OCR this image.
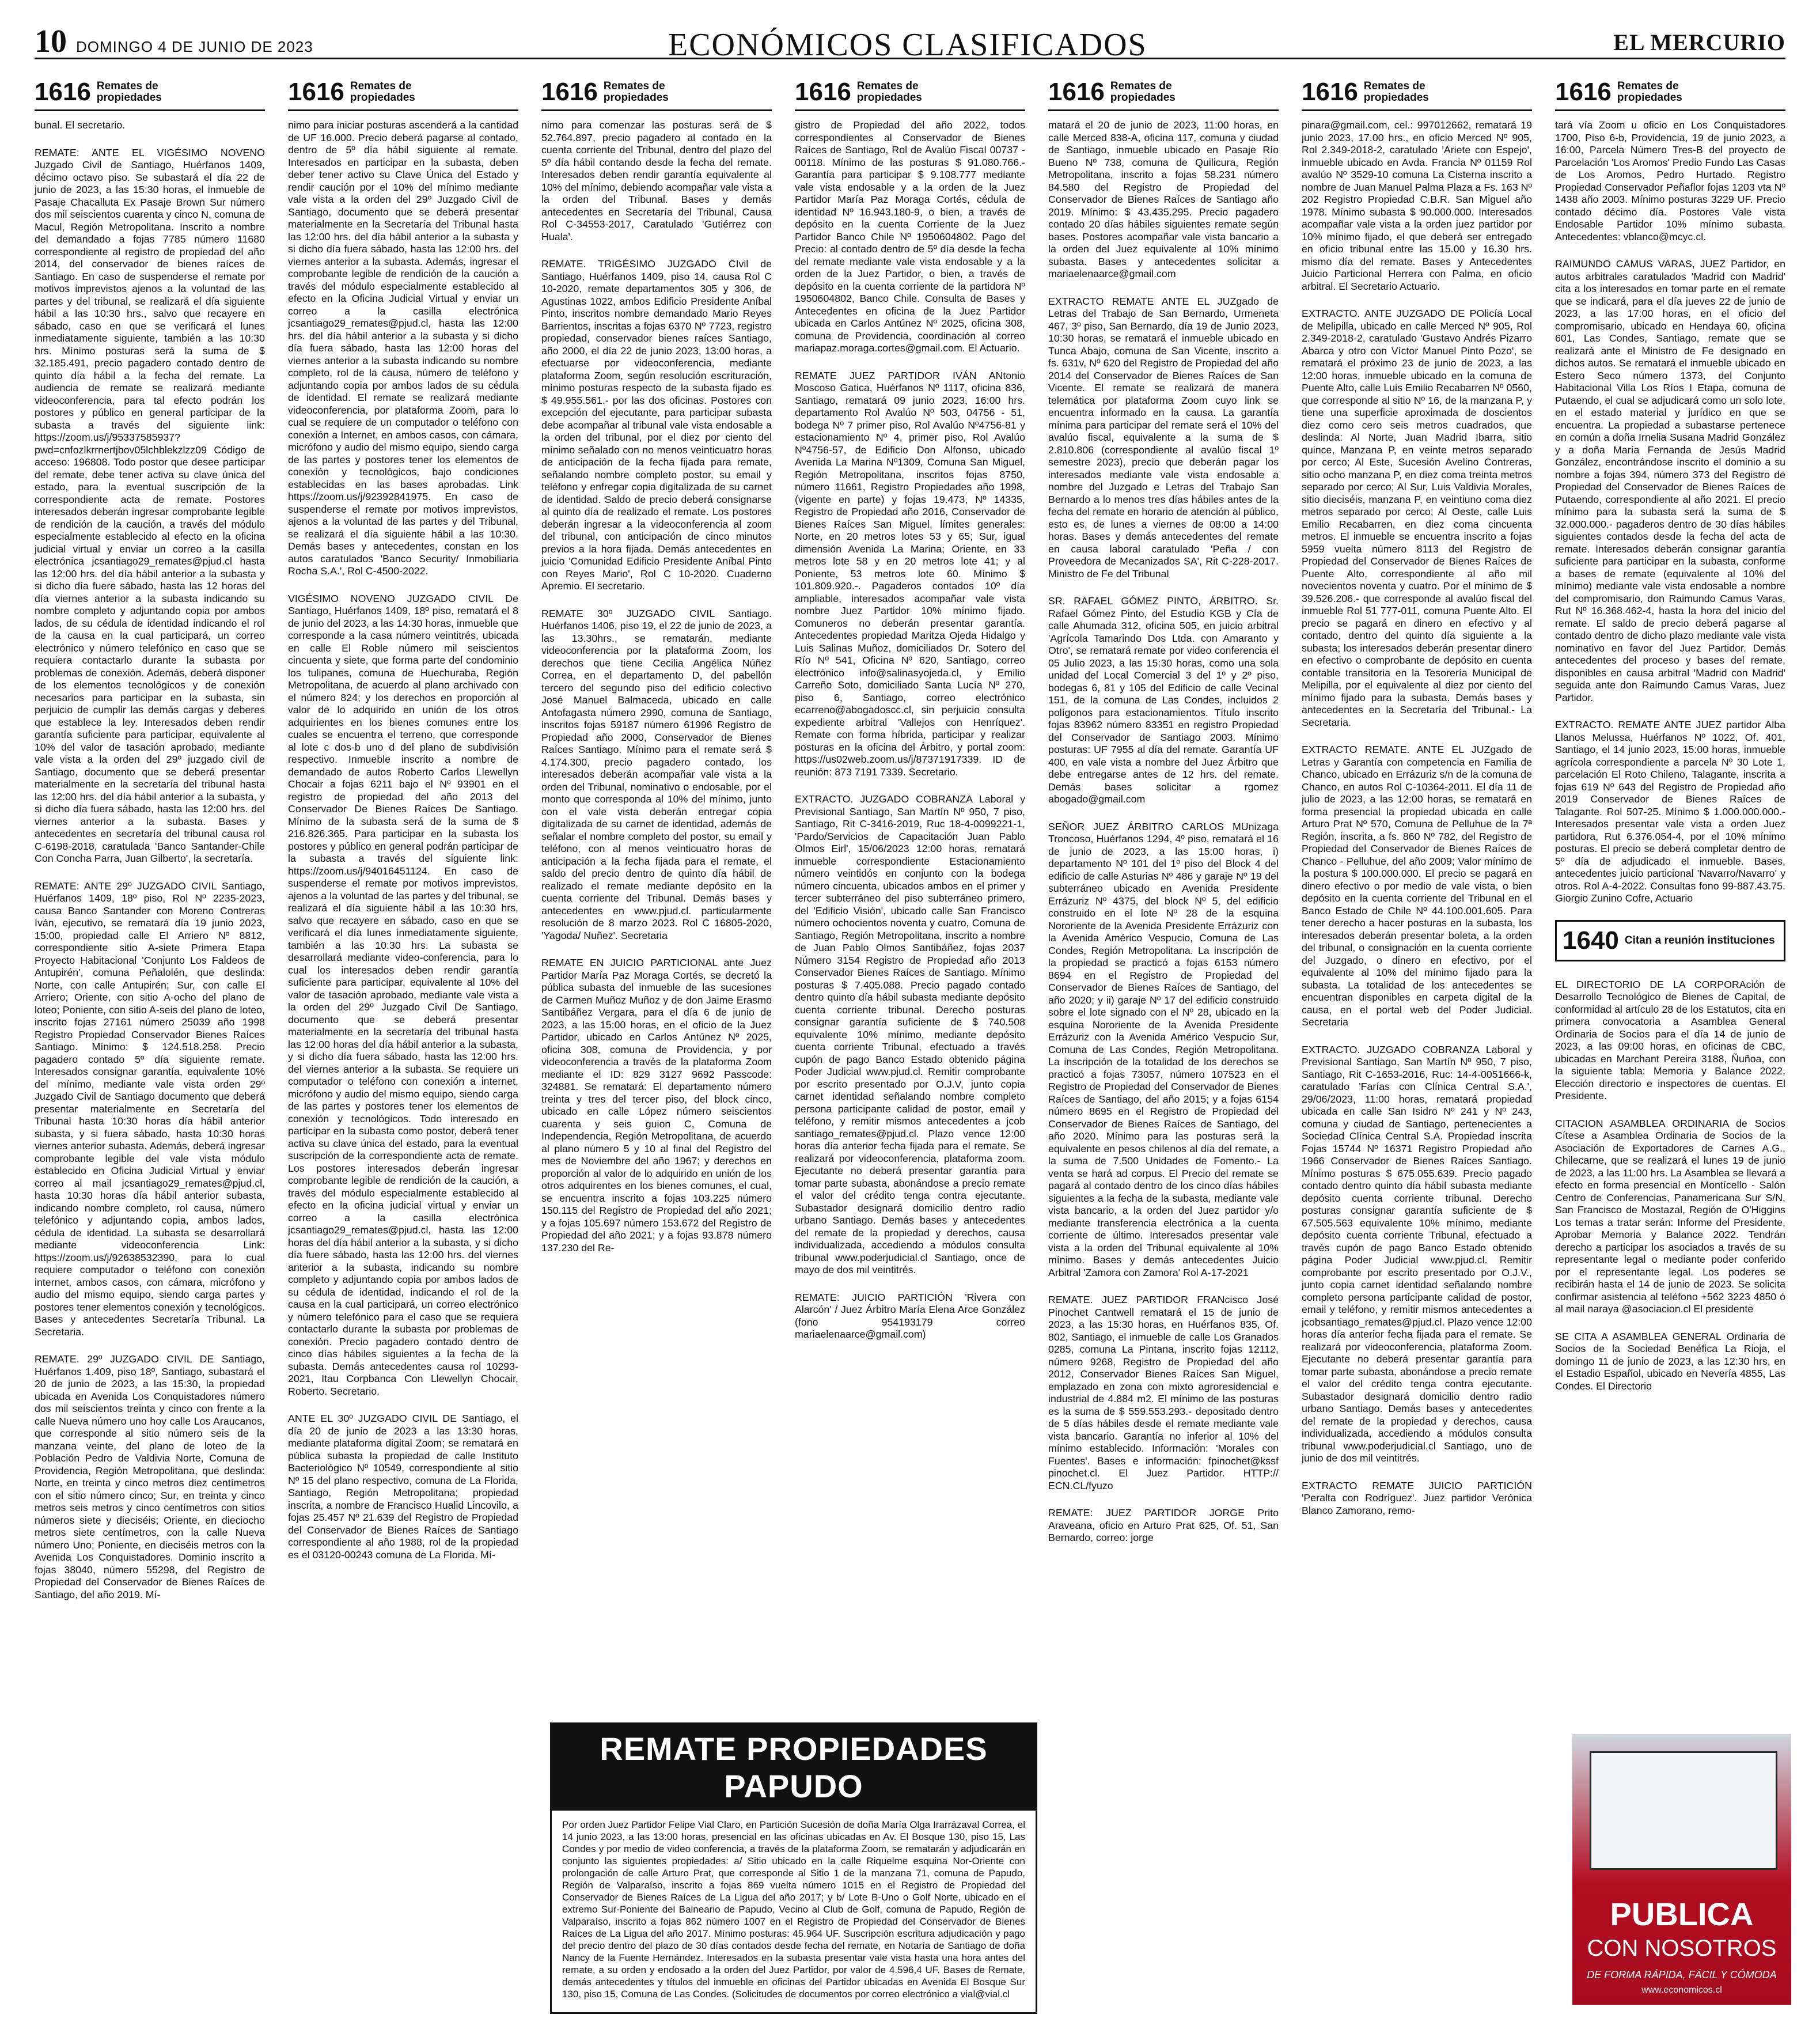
10 DOMINGO 4 DE JUNIO DE 2023	ECONÓMICOS CLASIFICADOS	EL MERCURIO
1616 Remates de propiedades

bunal. El secretario.

REMATE: ANTE EL VIGÉSIMO NOVENO Juzgado Civil de Santiago, Huérfanos 1409, décimo octavo piso. Se subastará el día 22 de junio de 2023, a las 15:30 horas, el inmueble de Pasaje Chacalluta Ex Pasaje Brown Sur número dos mil seiscientos cuarenta y cinco N, comuna de Macul, Región Metropolitana. Inscrito a nombre del demandado a fojas 7785 número 11680 correspondiente al registro de propiedad del año 2014, del conservador de bienes raíces de Santiago. En caso de suspenderse el remate por motivos imprevistos ajenos a la voluntad de las partes y del tribunal, se realizará el día siguiente hábil a las 10:30 hrs., salvo que recayere en sábado, caso en que se verificará el lunes inmediatamente siguiente, también a las 10:30 hrs. Mínimo posturas será la suma de $ 32.185.491, precio pagadero contado dentro de quinto día hábil a la fecha del remate. La audiencia de remate se realizará mediante videoconferencia, para tal efecto podrán los postores y público en general participar de la subasta a través del siguiente link: https://zoom.us/j/95337585937?pwd=cnfozlkrrnertjbov05lchblekzlzz09 Código de acceso: 196808. Todo postor que desee participar del remate, debe tener activa su clave única del estado, para la eventual suscripción de la correspondiente acta de remate. Postores interesados deberán ingresar comprobante legible de rendición de la caución, a través del módulo especialmente establecido al efecto en la oficina judicial virtual y enviar un correo a la casilla electrónica jcsantiago29_remates@pjud.cl hasta las 12:00 hrs. del día hábil anterior a la subasta y si dicho día fuere sábado, hasta las 12 horas del día viernes anterior a la subasta indicando su nombre completo y adjuntando copia por ambos lados, de su cédula de identidad indicando el rol de la causa en la cual participará, un correo electrónico y número telefónico en caso que se requiera contactarlo durante la subasta por problemas de conexión. Además, deberá disponer de los elementos tecnológicos y de conexión necesarios para participar en la subasta, sin perjuicio de cumplir las demás cargas y deberes que establece la ley. Interesados deben rendir garantía suficiente para participar, equivalente al 10% del valor de tasación aprobado, mediante vale vista a la orden del 29º juzgado civil de Santiago, documento que se deberá presentar materialmente en la secretaría del tribunal hasta las 12:00 hrs. del día hábil anterior a la subasta, y si dicho día fuera sábado, hasta las 12:00 hrs. del viernes anterior a la subasta. Bases y antecedentes en secretaría del tribunal causa rol C-6198-2018, caratulada 'Banco Santander-Chile Con Concha Parra, Juan Gilberto', la secretaría.

REMATE: ANTE 29º JUZGADO CIVIL Santiago, Huérfanos 1409, 18º piso, Rol Nº 2235-2023, causa Banco Santander con Moreno Contreras Iván, ejecutivo, se rematará día 19 junio 2023, 15:00, propiedad calle El Arriero Nº 8812, correspondiente sitio A-siete Primera Etapa Proyecto Habitacional 'Conjunto Los Faldeos de Antupirén', comuna Peñalolén, que deslinda: Norte, con calle Antupirén; Sur, con calle El Arriero; Oriente, con sitio A-ocho del plano de loteo; Poniente, con sitio A-seis del plano de loteo, inscrito fojas 27161 número 25039 año 1998 Registro Propiedad Conservador Bienes Raíces Santiago. Mínimo: $ 124.518.258. Precio pagadero contado 5º día siguiente remate. Interesados consignar garantía, equivalente 10% del mínimo, mediante vale vista orden 29º Juzgado Civil de Santiago documento que deberá presentar materialmente en Secretaría del Tribunal hasta 10:30 horas día hábil anterior subasta, y si fuera sábado, hasta 10:30 horas viernes anterior subasta. Además, deberá ingresar comprobante legible del vale vista módulo establecido en Oficina Judicial Virtual y enviar correo al mail jcsantiago29_remates@pjud.cl, hasta 10:30 horas día hábil anterior subasta, indicando nombre completo, rol causa, número telefónico y adjuntando copia, ambos lados, cédula de identidad. La subasta se desarrollará mediante videoconferencia Link: https://zoom.us/j/92638532390, para lo cual requiere computador o teléfono con conexión internet, ambos casos, con cámara, micrófono y audio del mismo equipo, siendo carga partes y postores tener elementos conexión y tecnológicos. Bases y antecedentes Secretaría Tribunal. La Secretaria.

REMATE. 29º JUZGADO CIVIL DE Santiago, Huérfanos 1.409, piso 18º, Santiago, subastará el 20 de junio de 2023, a las 15:30, la propiedad ubicada en Avenida Los Conquistadores número dos mil seiscientos treinta y cinco con frente a la calle Nueva número uno hoy calle Los Araucanos, que corresponde al sitio número seis de la manzana veinte, del plano de loteo de la Población Pedro de Valdivia Norte, Comuna de Providencia, Región Metropolitana, que deslinda: Norte, en treinta y cinco metros diez centímetros con el sitio número cinco; Sur, en treinta y cinco metros seis metros y cinco centímetros con sitios números siete y dieciséis; Oriente, en dieciocho metros siete centímetros, con la calle Nueva número Uno; Poniente, en dieciséis metros con la Avenida Los Conquistadores. Dominio inscrito a fojas 38040, número 55298, del Registro de Propiedad del Conservador de Bienes Raíces de Santiago, del año 2019. Mí-

1616 Remates de propiedades

nimo para iniciar posturas ascenderá a la cantidad de UF 16.000. Precio deberá pagarse al contado, dentro de 5º día hábil siguiente al remate. Interesados en participar en la subasta, deben deber tener activo su Clave Única del Estado y rendir caución por el 10% del mínimo mediante vale vista a la orden del 29º Juzgado Civil de Santiago, documento que se deberá presentar materialmente en la Secretaría del Tribunal hasta las 12:00 hrs. del día hábil anterior a la subasta y si dicho día fuera sábado, hasta las 12:00 hrs. del viernes anterior a la subasta. Además, ingresar el comprobante legible de rendición de la caución a través del módulo especialmente establecido al efecto en la Oficina Judicial Virtual y enviar un correo a la casilla electrónica jcsantiago29_remates@pjud.cl, hasta las 12:00 hrs. del día hábil anterior a la subasta y si dicho día fuera sábado, hasta las 12:00 horas del viernes anterior a la subasta indicando su nombre completo, rol de la causa, número de teléfono y adjuntando copia por ambos lados de su cédula de identidad. El remate se realizará mediante videoconferencia, por plataforma Zoom, para lo cual se requiere de un computador o teléfono con conexión a Internet, en ambos casos, con cámara, micrófono y audio del mismo equipo, siendo carga de las partes y postores tener los elementos de conexión y tecnológicos, bajo condiciones establecidas en las bases aprobadas. Link https://zoom.us/j/92392841975. En caso de suspenderse el remate por motivos imprevistos, ajenos a la voluntad de las partes y del Tribunal, se realizará el día siguiente hábil a las 10:30. Demás bases y antecedentes, constan en los autos caratulados 'Banco Security/ Inmobiliaria Rocha S.A.', Rol C-4500-2022.

VIGÉSIMO NOVENO JUZGADO CIVIL De Santiago, Huérfanos 1409, 18º piso, rematará el 8 de junio del 2023, a las 14:30 horas, inmueble que corresponde a la casa número veintitrés, ubicada en calle El Roble número mil seiscientos cincuenta y siete, que forma parte del condominio los tulipanes, comuna de Huechuraba, Región Metropolitana, de acuerdo al plano archivado con el número 824; y los derechos en proporción al valor de lo adquirido en unión de los otros adquirientes en los bienes comunes entre los cuales se encuentra el terreno, que corresponde al lote c dos-b uno d del plano de subdivisión respectivo. Inmueble inscrito a nombre de demandado de autos Roberto Carlos Llewellyn Chocair a fojas 6211 bajo el Nº 93901 en el registro de propiedad del año 2013 del Conservador De Bienes Raíces De Santiago. Mínimo de la subasta será de la suma de $ 216.826.365. Para participar en la subasta los postores y público en general podrán participar de la subasta a través del siguiente link: https://zoom.us/j/94016451124. En caso de suspenderse el remate por motivos imprevistos, ajenos a la voluntad de las partes y del tribunal, se realizará el día siguiente hábil a las 10:30 hrs, salvo que recayere en sábado, caso en que se verificará el día lunes inmediatamente siguiente, también a las 10:30 hrs. La subasta se desarrollará mediante video-conferencia, para lo cual los interesados deben rendir garantía suficiente para participar, equivalente al 10% del valor de tasación aprobado, mediante vale vista a la orden del 29º Juzgado Civil De Santiago, documento que se deberá presentar materialmente en la secretaría del tribunal hasta las 12:00 horas del día hábil anterior a la subasta, y si dicho día fuera sábado, hasta las 12:00 hrs. del viernes anterior a la subasta. Se requiere un computador o teléfono con conexión a internet, micrófono y audio del mismo equipo, siendo carga de las partes y postores tener los elementos de conexión y tecnológicos. Todo interesado en participar en la subasta como postor, deberá tener activa su clave única del estado, para la eventual suscripción de la correspondiente acta de remate. Los postores interesados deberán ingresar comprobante legible de rendición de la caución, a través del módulo especialmente establecido al efecto en la oficina judicial virtual y enviar un correo a la casilla electrónica jcsantiago29_remates@pjud.cl, hasta las 12:00 horas del día hábil anterior a la subasta, y si dicho día fuere sábado, hasta las 12:00 hrs. del viernes anterior a la subasta, indicando su nombre completo y adjuntando copia por ambos lados de su cédula de identidad, indicando el rol de la causa en la cual participará, un correo electrónico y número telefónico para el caso que se requiera contactarlo durante la subasta por problemas de conexión. Precio pagadero contado dentro de cinco días hábiles siguientes a la fecha de la subasta. Demás antecedentes causa rol 10293-2021, Itau Corpbanca Con Llewellyn Chocair, Roberto. Secretario.

ANTE EL 30º JUZGADO CIVIL DE Santiago, el día 20 de junio de 2023 a las 13:30 horas, mediante plataforma digital Zoom; se rematará en pública subasta la propiedad de calle Instituto Bacteriológico Nº 10549, correspondiente al sitio Nº 15 del plano respectivo, comuna de La Florida, Santiago, Región Metropolitana; propiedad inscrita, a nombre de Francisco Hualid Lincovilo, a fojas 25.457 Nº 21.639 del Registro de Propiedad del Conservador de Bienes Raíces de Santiago correspondiente al año 1988, rol de la propiedad es el 03120-00243 comuna de La Florida. Mí-

1616 Remates de propiedades

nimo para comenzar las posturas será de $ 52.764.897, precio pagadero al contado en la cuenta corriente del Tribunal, dentro del plazo del 5º día hábil contando desde la fecha del remate. Interesados deben rendir garantía equivalente al 10% del mínimo, debiendo acompañar vale vista a la orden del Tribunal. Bases y demás antecedentes en Secretaría del Tribunal, Causa Rol C-34553-2017, Caratulado 'Gutiérrez con Huala'.

REMATE. TRIGÉSIMO JUZGADO CIvil de Santiago, Huérfanos 1409, piso 14, causa Rol C 10-2020, remate departamentos 305 y 306, de Agustinas 1022, ambos Edificio Presidente Aníbal Pinto, inscritos nombre demandado Mario Reyes Barrientos, inscritas a fojas 6370 Nº 7723, registro propiedad, conservador bienes raíces Santiago, año 2000, el día 22 de junio 2023, 13:00 horas, a efectuarse por videoconferencia, mediante plataforma Zoom, según resolución escrituración, mínimo posturas respecto de la subasta fijado es $ 49.955.561.- por las dos oficinas. Postores con excepción del ejecutante, para participar subasta debe acompañar al tribunal vale vista endosable a la orden del tribunal, por el diez por ciento del mínimo señalado con no menos veinticuatro horas de anticipación de la fecha fijada para remate, señalando nombre completo postor, su email y teléfono y enfregar copia digitalizada de su carnet de identidad. Saldo de precio deberá consignarse al quinto día de realizado el remate. Los postores deberán ingresar a la videoconferencia al zoom del tribunal, con anticipación de cinco minutos previos a la hora fijada. Demás antecedentes en juicio 'Comunidad Edificio Presidente Aníbal Pinto con Reyes Mario', Rol C 10-2020. Cuaderno Apremio. El secretario.

REMATE 30º JUZGADO CIVIL Santiago. Huérfanos 1406, piso 19, el 22 de junio de 2023, a las 13.30hrs., se rematarán, mediante videoconferencia por la plataforma Zoom, los derechos que tiene Cecilia Angélica Núñez Correa, en el departamento D, del pabellón tercero del segundo piso del edificio colectivo José Manuel Balmaceda, ubicado en calle Antofagasta número 2990, comuna de Santiago, inscritos fojas 59187 número 61996 Registro de Propiedad año 2000, Conservador de Bienes Raíces Santiago. Mínimo para el remate será $ 4.174.300, precio pagadero contado, los interesados deberán acompañar vale vista a la orden del Tribunal, nominativo o endosable, por el monto que corresponda al 10% del mínimo, junto con el vale vista deberán entregar copia digitalizada de su carnet de identidad, además de señalar el nombre completo del postor, su email y teléfono, con al menos veinticuatro horas de anticipación a la fecha fijada para el remate, el saldo del precio dentro de quinto día hábil de realizado el remate mediante depósito en la cuenta corriente del Tribunal. Demás bases y antecedentes en www.pjud.cl. particularmente resolución de 8 marzo 2023. Rol C 16805-2020, 'Yagoda/ Nuñez'. Secretaria

REMATE EN JUICIO PARTICIONAL ante Juez Partidor María Paz Moraga Cortés, se decretó la pública subasta del inmueble de las sucesiones de Carmen Muñoz Muñoz y de don Jaime Erasmo Santibáñez Vergara, para el día 6 de junio de 2023, a las 15:00 horas, en el oficio de la Juez Partidor, ubicado en Carlos Antúnez Nº 2025, oficina 308, comuna de Providencia, y por videoconferencia a través de la plataforma Zoom mediante el ID: 829 3127 9692 Passcode: 324881. Se rematará: El departamento número treinta y tres del tercer piso, del block cinco, ubicado en calle López número seiscientos cuarenta y seis guion C, Comuna de Independencia, Región Metropolitana, de acuerdo al plano número 5 y 10 al final del Registro del mes de Noviembre del año 1967; y derechos en proporción al valor de lo adquirido en unión de los otros adquirentes en los bienes comunes, el cual, se encuentra inscrito a fojas 103.225 número 150.115 del Registro de Propiedad del año 2021; y a fojas 105.697 número 153.672 del Registro de Propiedad del año 2021; y a fojas 93.878 número 137.230 del Re-

1616 Remates de propiedades

gistro de Propiedad del año 2022, todos correspondientes al Conservador de Bienes Raíces de Santiago, Rol de Avalúo Fiscal 00737 - 00118. Mínimo de las posturas $ 91.080.766.- Garantía para participar $ 9.108.777 mediante vale vista endosable y a la orden de la Juez Partidor María Paz Moraga Cortés, cédula de identidad Nº 16.943.180-9, o bien, a través de depósito en la cuenta Corriente de la Juez Partidor Banco Chile Nº 1950604802. Pago del Precio: al contado dentro de 5º día desde la fecha del remate mediante vale vista endosable y a la orden de la Juez Partidor, o bien, a través de depósito en la cuenta corriente de la partidora Nº 1950604802, Banco Chile. Consulta de Bases y Antecedentes en oficina de la Juez Partidor ubicada en Carlos Antúnez Nº 2025, oficina 308, comuna de Providencia, coordinación al correo mariapaz.moraga.cortes@gmail.com. El Actuario.

REMATE JUEZ PARTIDOR IVÁN ANtonio Moscoso Gatica, Huérfanos Nº 1117, oficina 836, Santiago, rematará 09 junio 2023, 16:00 hrs. departamento Rol Avalúo Nº 503, 04756 - 51, bodega Nº 7 primer piso, Rol Avalúo Nº4756-81 y estacionamiento Nº 4, primer piso, Rol Avalúo Nº4756-57, de Edificio Don Alfonso, ubicado Avenida La Marina Nº1309, Comuna San Miguel, Región Metropolitana, inscritos fojas 8750, número 11661, Registro Propiedades año 1998, (vigente en parte) y fojas 19.473, Nº 14335, Registro de Propiedad año 2016, Conservador de Bienes Raíces San Miguel, límites generales: Norte, en 20 metros lotes 53 y 65; Sur, igual dimensión Avenida La Marina; Oriente, en 33 metros lote 58 y en 20 metros lote 41; y al Poniente, 53 metros lote 60. Mínimo $ 101.809.920.-. Pagaderos contados 10º día ampliable, interesados acompañar vale vista nombre Juez Partidor 10% mínimo fijado. Comuneros no deberán presentar garantía. Antecedentes propiedad Maritza Ojeda Hidalgo y Luis Salinas Muñoz, domiciliados Dr. Sotero del Río Nº 541, Oficina Nº 620, Santiago, correo electrónico info@salinasyojeda.cl, y Emilio Carreño Soto, domiciliado Santa Lucía Nº 270, piso 6, Santiago, correo electrónico ecarreno@abogadoscc.cl, sin perjuicio consulta expediente arbitral 'Vallejos con Henríquez'. Remate con forma híbrida, participar y realizar posturas en la oficina del Árbitro, y portal zoom: https://us02web.zoom.us/j/87371917339. ID de reunión: 873 7191 7339. Secretario.

EXTRACTO. JUZGADO COBRANZA Laboral y Previsional Santiago, San Martín Nº 950, 7 piso, Santiago, Rit C-3416-2019, Ruc 18-4-0099221-1, 'Pardo/Servicios de Capacitación Juan Pablo Olmos Eirl', 15/06/2023 12:00 horas, rematará inmueble correspondiente Estacionamiento número veintidós en conjunto con la bodega número cincuenta, ubicados ambos en el primer y tercer subterráneo del piso subterráneo primero, del 'Edificio Visión', ubicado calle San Francisco número ochocientos noventa y cuatro, Comuna de Santiago, Región Metropolitana, inscrito a nombre de Juan Pablo Olmos Santibáñez, fojas 2037 Número 3154 Registro de Propiedad año 2013 Conservador Bienes Raíces de Santiago. Mínimo posturas $ 7.405.088. Precio pagado contado dentro quinto día hábil subasta mediante depósito cuenta corriente tribunal. Derecho posturas consignar garantía suficiente de $ 740.508 equivalente 10% mínimo, mediante depósito cuenta corriente Tribunal, efectuado a través cupón de pago Banco Estado obtenido página Poder Judicial www.pjud.cl. Remitir comprobante por escrito presentado por O.J.V, junto copia carnet identidad señalando nombre completo persona participante calidad de postor, email y teléfono, y remitir mismos antecedentes a jcob santiago_remates@pjud.cl. Plazo vence 12:00 horas día anterior fecha fijada para el remate. Se realizará por videoconferencia, plataforma zoom. Ejecutante no deberá presentar garantía para tomar parte subasta, abonándose a precio remate el valor del crédito tenga contra ejecutante. Subastador designará domicilio dentro radio urbano Santiago. Demás bases y antecedentes del remate de la propiedad y derechos, causa individualizada, accediendo a módulos consulta tribunal www.poderjudicial.cl Santiago, once de mayo de dos mil veintitrés.

REMATE: JUICIO PARTICIÓN 'Rivera con Alarcón' / Juez Árbitro María Elena Arce González (fono 954193179 correo mariaelenaarce@gmail.com)

1616 Remates de propiedades

matará el 20 de junio de 2023, 11:00 horas, en calle Merced 838-A, oficina 117, comuna y ciudad de Santiago, inmueble ubicado en Pasaje Río Bueno Nº 738, comuna de Quilicura, Región Metropolitana, inscrito a fojas 58.231 número 84.580 del Registro de Propiedad del Conservador de Bienes Raíces de Santiago año 2019. Mínimo: $ 43.435.295. Precio pagadero contado 20 días hábiles siguientes remate según bases. Postores acompañar vale vista bancario a la orden del Juez equivalente al 10% mínimo subasta. Bases y antecedentes solicitar a mariaelenaarce@gmail.com

EXTRACTO REMATE ANTE EL JUZgado de Letras del Trabajo de San Bernardo, Urmeneta 467, 3º piso, San Bernardo, día 19 de Junio 2023, 10:30 horas, se rematará el inmueble ubicado en Tunca Abajo, comuna de San Vicente, inscrito a fs. 631v, Nº 620 del Registro de Propiedad del año 2014 del Conservador de Bienes Raíces de San Vicente. El remate se realizará de manera telemática por plataforma Zoom cuyo link se encuentra informado en la causa. La garantía mínima para participar del remate será el 10% del avalúo fiscal, equivalente a la suma de $ 2.810.806 (correspondiente al avalúo fiscal 1º semestre 2023), precio que deberán pagar los interesados mediante vale vista endosable a nombre del Juzgado e Letras del Trabajo San Bernardo a lo menos tres días hábiles antes de la fecha del remate en horario de atención al público, esto es, de lunes a viernes de 08:00 a 14:00 horas. Bases y demás antecedentes del remate en causa laboral caratulado 'Peña / con Proveedora de Mecanizados SA', Rit C-228-2017. Ministro de Fe del Tribunal

SR. RAFAEL GÓMEZ PINTO, ÁRBITRO. Sr. Rafael Gómez Pinto, del Estudio KGB y Cía de calle Ahumada 312, oficina 505, en juicio arbitral 'Agrícola Tamarindo Dos Ltda. con Amaranto y Otro', se rematará remate por video conferencia el 05 Julio 2023, a las 15:30 horas, como una sola unidad del Local Comercial 3 del 1º y 2º piso, bodegas 6, 81 y 105 del Edificio de calle Vecinal 151, de la comuna de Las Condes, incluidos 2 polígonos para estacionamientos. Título inscrito fojas 83962 número 83351 en registro Propiedad del Conservador de Santiago 2003. Mínimo posturas: UF 7955 al día del remate. Garantía UF 400, en vale vista a nombre del Juez Árbitro que debe entregarse antes de 12 hrs. del remate. Demás bases solicitar a rgomez abogado@gmail.com

SEÑOR JUEZ ÁRBITRO CARLOS MUnizaga Troncoso, Huérfanos 1294, 4º piso, rematará el 16 de junio de 2023, a las 15:00 horas, i) departamento Nº 101 del 1º piso del Block 4 del edificio de calle Asturias Nº 486 y garaje Nº 19 del subterráneo ubicado en Avenida Presidente Errázuriz Nº 4375, del block Nº 5, del edificio construido en el lote Nº 28 de la esquina Nororiente de la Avenida Presidente Errázuriz con la Avenida Américo Vespucio, Comuna de Las Condes, Región Metropolitana. La inscripción de la propiedad se practicó a fojas 6153 número 8694 en el Registro de Propiedad del Conservador de Bienes Raíces de Santiago, del año 2020; y ii) garaje Nº 17 del edificio construido sobre el lote signado con el Nº 28, ubicado en la esquina Nororiente de la Avenida Presidente Errázuriz con la Avenida Américo Vespucio Sur, Comuna de Las Condes, Región Metropolitana. La inscripción de la totalidad de los derechos se practicó a fojas 73057, número 107523 en el Registro de Propiedad del Conservador de Bienes Raíces de Santiago, del año 2015; y a fojas 6154 número 8695 en el Registro de Propiedad del Conservador de Bienes Raíces de Santiago, del año 2020. Mínimo para las posturas será la equivalente en pesos chilenos al día del remate, a la suma de 7.500 Unidades de Fomento.- La venta se hará ad corpus. El Precio del remate se pagará al contado dentro de los cinco días hábiles siguientes a la fecha de la subasta, mediante vale vista bancario, a la orden del Juez partidor y/o mediante transferencia electrónica a la cuenta corriente de último. Interesados presentar vale vista a la orden del Tribunal equivalente al 10% mínimo. Bases y demás antecedentes Juicio Arbitral 'Zamora con Zamora' Rol A-17-2021

REMATE. JUEZ PARTIDOR FRANcisco José Pinochet Cantwell rematará el 15 de junio de 2023, a las 15:30 horas, en Huérfanos 835, Of. 802, Santiago, el inmueble de calle Los Granados 0285, comuna La Pintana, inscrito fojas 12112, número 9268, Registro de Propiedad del año 2012, Conservador Bienes Raíces San Miguel, emplazado en zona con mixto agroresidencial e industrial de 4.884 m2. El mínimo de las posturas es la suma de $ 559.553.293.- depositado dentro de 5 días hábiles desde el remate mediante vale vista bancario. Garantía no inferior al 10% del mínimo establecido. Información: 'Morales con Fuentes'. Bases e información: fpinochet@kssf pinochet.cl. El Juez Partidor. HTTP:// ECN.CL/fyuzo

REMATE: JUEZ PARTIDOR JORGE Prito Araveana, oficio en Arturo Prat 625, Of. 51, San Bernardo, correo: jorge

1616 Remates de propiedades

pinara@gmail.com, cel.: 997012662, rematará 19 junio 2023, 17.00 hrs., en oficio Merced Nº 905, Rol 2.349-2018-2, caratulado 'Ariete con Espejo', inmueble ubicado en Avda. Francia Nº 01159 Rol avalúo Nº 3529-10 comuna La Cisterna inscrito a nombre de Juan Manuel Palma Plaza a Fs. 163 Nº 202 Registro Propiedad C.B.R. San Miguel año 1978. Mínimo subasta $ 90.000.000. Interesados acompañar vale vista a la orden juez partidor por 10% mínimo fijado, el que deberá ser entregado en oficio tribunal entre las 15.00 y 16.30 hrs. mismo día del remate. Bases y Antecedentes Juicio Particional Herrera con Palma, en oficio arbitral. El Secretario Actuario.

EXTRACTO. ANTE JUZGADO DE POlicía Local de Melipilla, ubicado en calle Merced Nº 905, Rol 2.349-2018-2, caratulado 'Gustavo Andrés Pizarro Abarca y otro con Víctor Manuel Pinto Pozo', se rematará el próximo 23 de junio de 2023, a las 12:00 horas, inmueble ubicado en la comuna de Puente Alto, calle Luis Emilio Recabarren Nº 0560, que corresponde al sitio Nº 16, de la manzana P, y tiene una superficie aproximada de doscientos diez como cero seis metros cuadrados, que deslinda: Al Norte, Juan Madrid Ibarra, sitio quince, Manzana P, en veinte metros separado por cerco; Al Este, Sucesión Avelino Contreras, sitio ocho manzana P, en diez coma treinta metros separado por cerco; Al Sur, Luis Valdivia Morales, sitio dieciséis, manzana P, en veintiuno coma diez metros separado por cerco; Al Oeste, calle Luis Emilio Recabarren, en diez coma cincuenta metros. El inmueble se encuentra inscrito a fojas 5959 vuelta número 8113 del Registro de Propiedad del Conservador de Bienes Raíces de Puente Alto, correspondiente al año mil novecientos noventa y cuatro. Por el mínimo de $ 39.526.206.- que corresponde al avalúo fiscal del inmueble Rol 51 777-011, comuna Puente Alto. El precio se pagará en dinero en efectivo y al contado, dentro del quinto día siguiente a la subasta; los interesados deberán presentar dinero en efectivo o comprobante de depósito en cuenta contable transitoria en la Tesorería Municipal de Melipilla, por el equivalente al diez por ciento del mínimo fijado para la subasta. Demás bases y antecedentes en la Secretaría del Tribunal.- La Secretaria.

EXTRACTO REMATE. ANTE EL JUZgado de Letras y Garantía con competencia en Familia de Chanco, ubicado en Errázuriz s/n de la comuna de Chanco, en autos Rol C-10364-2011. El día 11 de julio de 2023, a las 12:00 horas, se rematará en forma presencial la propiedad ubicada en calle Arturo Prat Nº 570, Comuna de Pelluhue de la 7ª Región, inscrita, a fs. 860 Nº 782, del Registro de Propiedad del Conservador de Bienes Raíces de Chanco - Pelluhue, del año 2009; Valor mínimo de la postura $ 100.000.000. El precio se pagará en dinero efectivo o por medio de vale vista, o bien depósito en la cuenta corriente del Tribunal en el Banco Estado de Chile Nº 44.100.001.605. Para tener derecho a hacer posturas en la subasta, los interesados deberán presentar boleta, a la orden del tribunal, o consignación en la cuenta corriente del Juzgado, o dinero en efectivo, por el equivalente al 10% del mínimo fijado para la subasta. La totalidad de los antecedentes se encuentran disponibles en carpeta digital de la causa, en el portal web del Poder Judicial. Secretaria

EXTRACTO. JUZGADO COBRANZA Laboral y Previsional Santiago, San Martín Nº 950, 7 piso, Santiago, Rit C-1653-2016, Ruc: 14-4-0051666-k, caratulado 'Farías con Clínica Central S.A.', 29/06/2023, 11:00 horas, rematará propiedad ubicada en calle San Isidro Nº 241 y Nº 243, comuna y ciudad de Santiago, pertenecientes a Sociedad Clínica Central S.A. Propiedad inscrita Fojas 15744 Nº 16371 Registro Propiedad año 1966 Conservador de Bienes Raíces Santiago. Mínimo posturas $ 675.055.639. Precio pagado contado dentro quinto día hábil subasta mediante depósito cuenta corriente tribunal. Derecho posturas consignar garantía suficiente de $ 67.505.563 equivalente 10% mínimo, mediante depósito cuenta corriente Tribunal, efectuado a través cupón de pago Banco Estado obtenido página Poder Judicial www.pjud.cl. Remitir comprobante por escrito presentado por O.J.V., junto copia carnet identidad señalando nombre completo persona participante calidad de postor, email y teléfono, y remitir mismos antecedentes a jcobsantiago_remates@pjud.cl. Plazo vence 12:00 horas día anterior fecha fijada para el remate. Se realizará por videoconferencia, plataforma Zoom. Ejecutante no deberá presentar garantía para tomar parte subasta, abonándose a precio remate el valor del crédito tenga contra ejecutante. Subastador designará domicilio dentro radio urbano Santiago. Demás bases y antecedentes del remate de la propiedad y derechos, causa individualizada, accediendo a módulos consulta tribunal www.poderjudicial.cl Santiago, uno de junio de dos mil veintitrés.

EXTRACTO REMATE JUICIO PARTICIÓN 'Peralta con Rodríguez'. Juez partidor Verónica Blanco Zamorano, remo-

1616 Remates de propiedades

tará vía Zoom u oficio en Los Conquistadores 1700, Piso 6-b, Providencia, 19 de junio 2023, a 16:00, Parcela Número Tres-B del proyecto de Parcelación 'Los Aromos' Predio Fundo Las Casas de Los Aromos, Pedro Hurtado. Registro Propiedad Conservador Peñaflor fojas 1203 vta Nº 1438 año 2003. Mínimo posturas 3229 UF. Precio contado décimo día. Postores Vale vista Endosable Partidor 10% mínimo subasta. Antecedentes: vblanco@mcyc.cl.

RAIMUNDO CAMUS VARAS, JUEZ Partidor, en autos arbitrales caratulados 'Madrid con Madrid' cita a los interesados en tomar parte en el remate que se indicará, para el día jueves 22 de junio de 2023, a las 17:00 horas, en el oficio del compromisario, ubicado en Hendaya 60, oficina 601, Las Condes, Santiago, remate que se realizará ante el Ministro de Fe designado en dichos autos. Se rematará el inmueble ubicado en Estero Seco número 1373, del Conjunto Habitacional Villa Los Ríos I Etapa, comuna de Putaendo, el cual se adjudicará como un solo lote, en el estado material y jurídico en que se encuentra. La propiedad a subastarse pertenece en común a doña Irnelia Susana Madrid González y a doña María Fernanda de Jesús Madrid González, encontrándose inscrito el dominio a su nombre a fojas 394, número 373 del Registro de Propiedad del Conservador de Bienes Raíces de Putaendo, correspondiente al año 2021. El precio mínimo para la subasta será la suma de $ 32.000.000.- pagaderos dentro de 30 días hábiles siguientes contados desde la fecha del acta de remate. Interesados deberán consignar garantía suficiente para participar en la subasta, conforme a bases de remate (equivalente al 10% del mínimo) mediante vale vista endosable a nombre del compromisario, don Raimundo Camus Varas, Rut Nº 16.368.462-4, hasta la hora del inicio del remate. El saldo de precio deberá pagarse al contado dentro de dicho plazo mediante vale vista nominativo en favor del Juez Partidor. Demás antecedentes del proceso y bases del remate, disponibles en causa arbitral 'Madrid con Madrid' seguida ante don Raimundo Camus Varas, Juez Partidor.

EXTRACTO. REMATE ANTE JUEZ partidor Alba Llanos Melussa, Huérfanos Nº 1022, Of. 401, Santiago, el 14 junio 2023, 15:00 horas, inmueble agrícola correspondiente a parcela Nº 30 Lote 1, parcelación El Roto Chileno, Talagante, inscrita a fojas 619 Nº 643 del Registro de Propiedad año 2019 Conservador de Bienes Raíces de Talagante. Rol 507-25. Mínimo $ 1.000.000.000.- Interesados presentar vale vista a orden Juez partidora, Rut 6.376.054-4, por el 10% mínimo posturas. El precio se deberá completar dentro de 5º día de adjudicado el inmueble. Bases, antecedentes juicio particional 'Navarro/Navarro' y otros. Rol A-4-2022. Consultas fono 99-887.43.75. Giorgio Zunino Cofre, Actuario

1640 Citan a reunión instituciones

EL DIRECTORIO DE LA CORPORAción de Desarrollo Tecnológico de Bienes de Capital, de conformidad al artículo 28 de los Estatutos, cita en primera convocatoria a Asamblea General Ordinaria de Socios para el día 14 de junio de 2023, a las 09:00 horas, en oficinas de CBC, ubicadas en Marchant Pereira 3188, Ñuñoa, con la siguiente tabla: Memoria y Balance 2022, Elección directorio e inspectores de cuentas. El Presidente.

CITACION ASAMBLEA ORDINARIA de Socios Cítese a Asamblea Ordinaria de Socios de la Asociación de Exportadores de Carnes A.G., Chilecarne, que se realizará el lunes 19 de junio de 2023, a las 11:00 hrs. La Asamblea se llevará a efecto en forma presencial en Montícello - Salón Centro de Conferencias, Panamericana Sur S/N, San Francisco de Mostazal, Región de O'Higgins Los temas a tratar serán: Informe del Presidente, Aprobar Memoria y Balance 2022. Tendrán derecho a participar los asociados a través de su representante legal o mediante poder conferido por el representante legal. Los poderes se recibirán hasta el 14 de junio de 2023. Se solicita confirmar asistencia al teléfono +562 3223 4850 ó al mail naraya @asociacion.cl El presidente

SE CITA A ASAMBLEA GENERAL Ordinaria de Socios de la Sociedad Benéfica La Rioja, el domingo 11 de junio de 2023, a las 12:30 hrs, en el Estadio Español, ubicado en Nevería 4855, Las Condes. El Directorio

REMATE PROPIEDADES PAPUDO
Por orden Juez Partidor Felipe Vial Claro, en Partición Sucesión de doña María Olga Irarrázaval Correa, el 14 junio 2023, a las 13:00 horas, presencial en las oficinas ubicadas en Av. El Bosque 130, piso 15, Las Condes y por medio de video conferencia, a través de la plataforma Zoom, se rematarán y adjudicarán en conjunto las siguientes propiedades: a/ Sitio ubicado en la calle Riquelme esquina Nor-Oriente con prolongación de calle Arturo Prat, que corresponde al Sitio 1 de la manzana 71, comuna de Papudo, Región de Valparaíso, inscrito a fojas 869 vuelta número 1015 en el Registro de Propiedad del Conservador de Bienes Raíces de La Ligua del año 2017; y b/ Lote B-Uno o Golf Norte, ubicado en el extremo Sur-Poniente del Balneario de Papudo, Vecino al Club de Golf, comuna de Papudo, Región de Valparaíso, inscrito a fojas 862 número 1007 en el Registro de Propiedad del Conservador de Bienes Raíces de La Ligua del año 2017. Mínimo posturas: 45.964 UF. Suscripción escritura adjudicación y pago del precio dentro del plazo de 30 días contados desde fecha del remate, en Notaría de Santiago de doña Nancy de la Fuente Hernández. Interesados en la subasta presentar vale vista hasta una hora antes del remate, a su orden y endosado a la orden del Juez Partidor, por valor de 4.596,4 UF. Bases de Remate, demás antecedentes y títulos del inmueble en oficinas del Partidor ubicadas en Avenida El Bosque Sur 130, piso 15, Comuna de Las Condes. (Solicitudes de documentos por correo electrónico a vial@vial.cl
PUBLICA
CON NOSOTROS
DE FORMA RÁPIDA, FÁCIL Y CÓMODA
www.economicos.cl
